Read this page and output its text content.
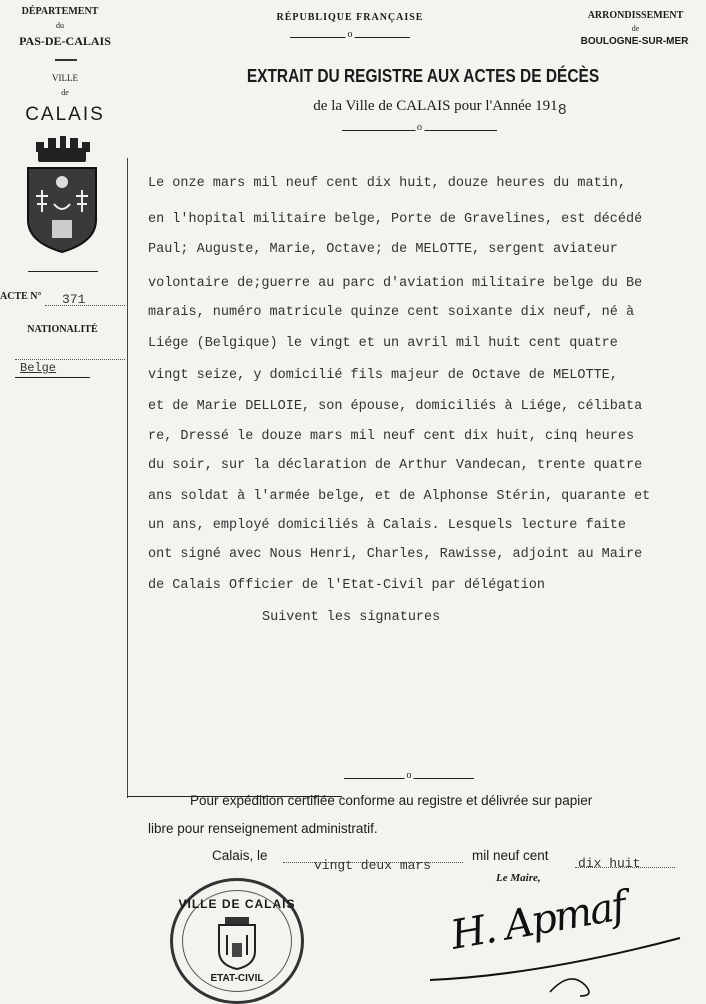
DÉPARTEMENT
du
PAS-DE-CALAIS
VILLE
de
CALAIS
ACTE N° 371
NATIONALITÉ
Belge
RÉPUBLIQUE FRANÇAISE
o
EXTRAIT DU REGISTRE AUX ACTES DE DÉCÈS
de la Ville de CALAIS pour l'Année 1918
o
ARRONDISSEMENT
de
BOULOGNE-SUR-MER
Le onze mars mil neuf cent dix huit, douze heures du matin,
en l'hopital militaire belge, Porte de Gravelines, est décédé
Paul; Auguste, Marie, Octave; de MELOTTE, sergent aviateur
volontaire de;guerre au parc d'aviation militaire belge du Be
marais, numéro matricule quinze cent soixante dix neuf, né à
Liége (Belgique) le vingt et un avril mil huit cent quatre
vingt seize, y domicilié fils majeur de Octave de MELOTTE,
et de Marie DELLOIE, son épouse, domiciliés à Liége, célibata
re, Dressé le douze mars mil neuf cent dix huit, cinq heures
du soir, sur la déclaration de Arthur Vandecan, trente quatre
ans soldat à l'armée belge, et de Alphonse Stérin, quarante et
un ans, employé domiciliés à Calais. Lesquels lecture faite
ont signé avec Nous Henri, Charles, Rawisse, adjoint au Maire
de Calais Officier de l'Etat-Civil par délégation
Suivent les signatures
o
Pour expédition certifiée conforme au registre et délivrée sur papier
libre pour renseignement administratif.
Calais, le
vingt deux mars
mil neuf cent
dix huit
Le Maire,
VILLE DE CALAIS
ETAT-CIVIL
H. Apmaf
